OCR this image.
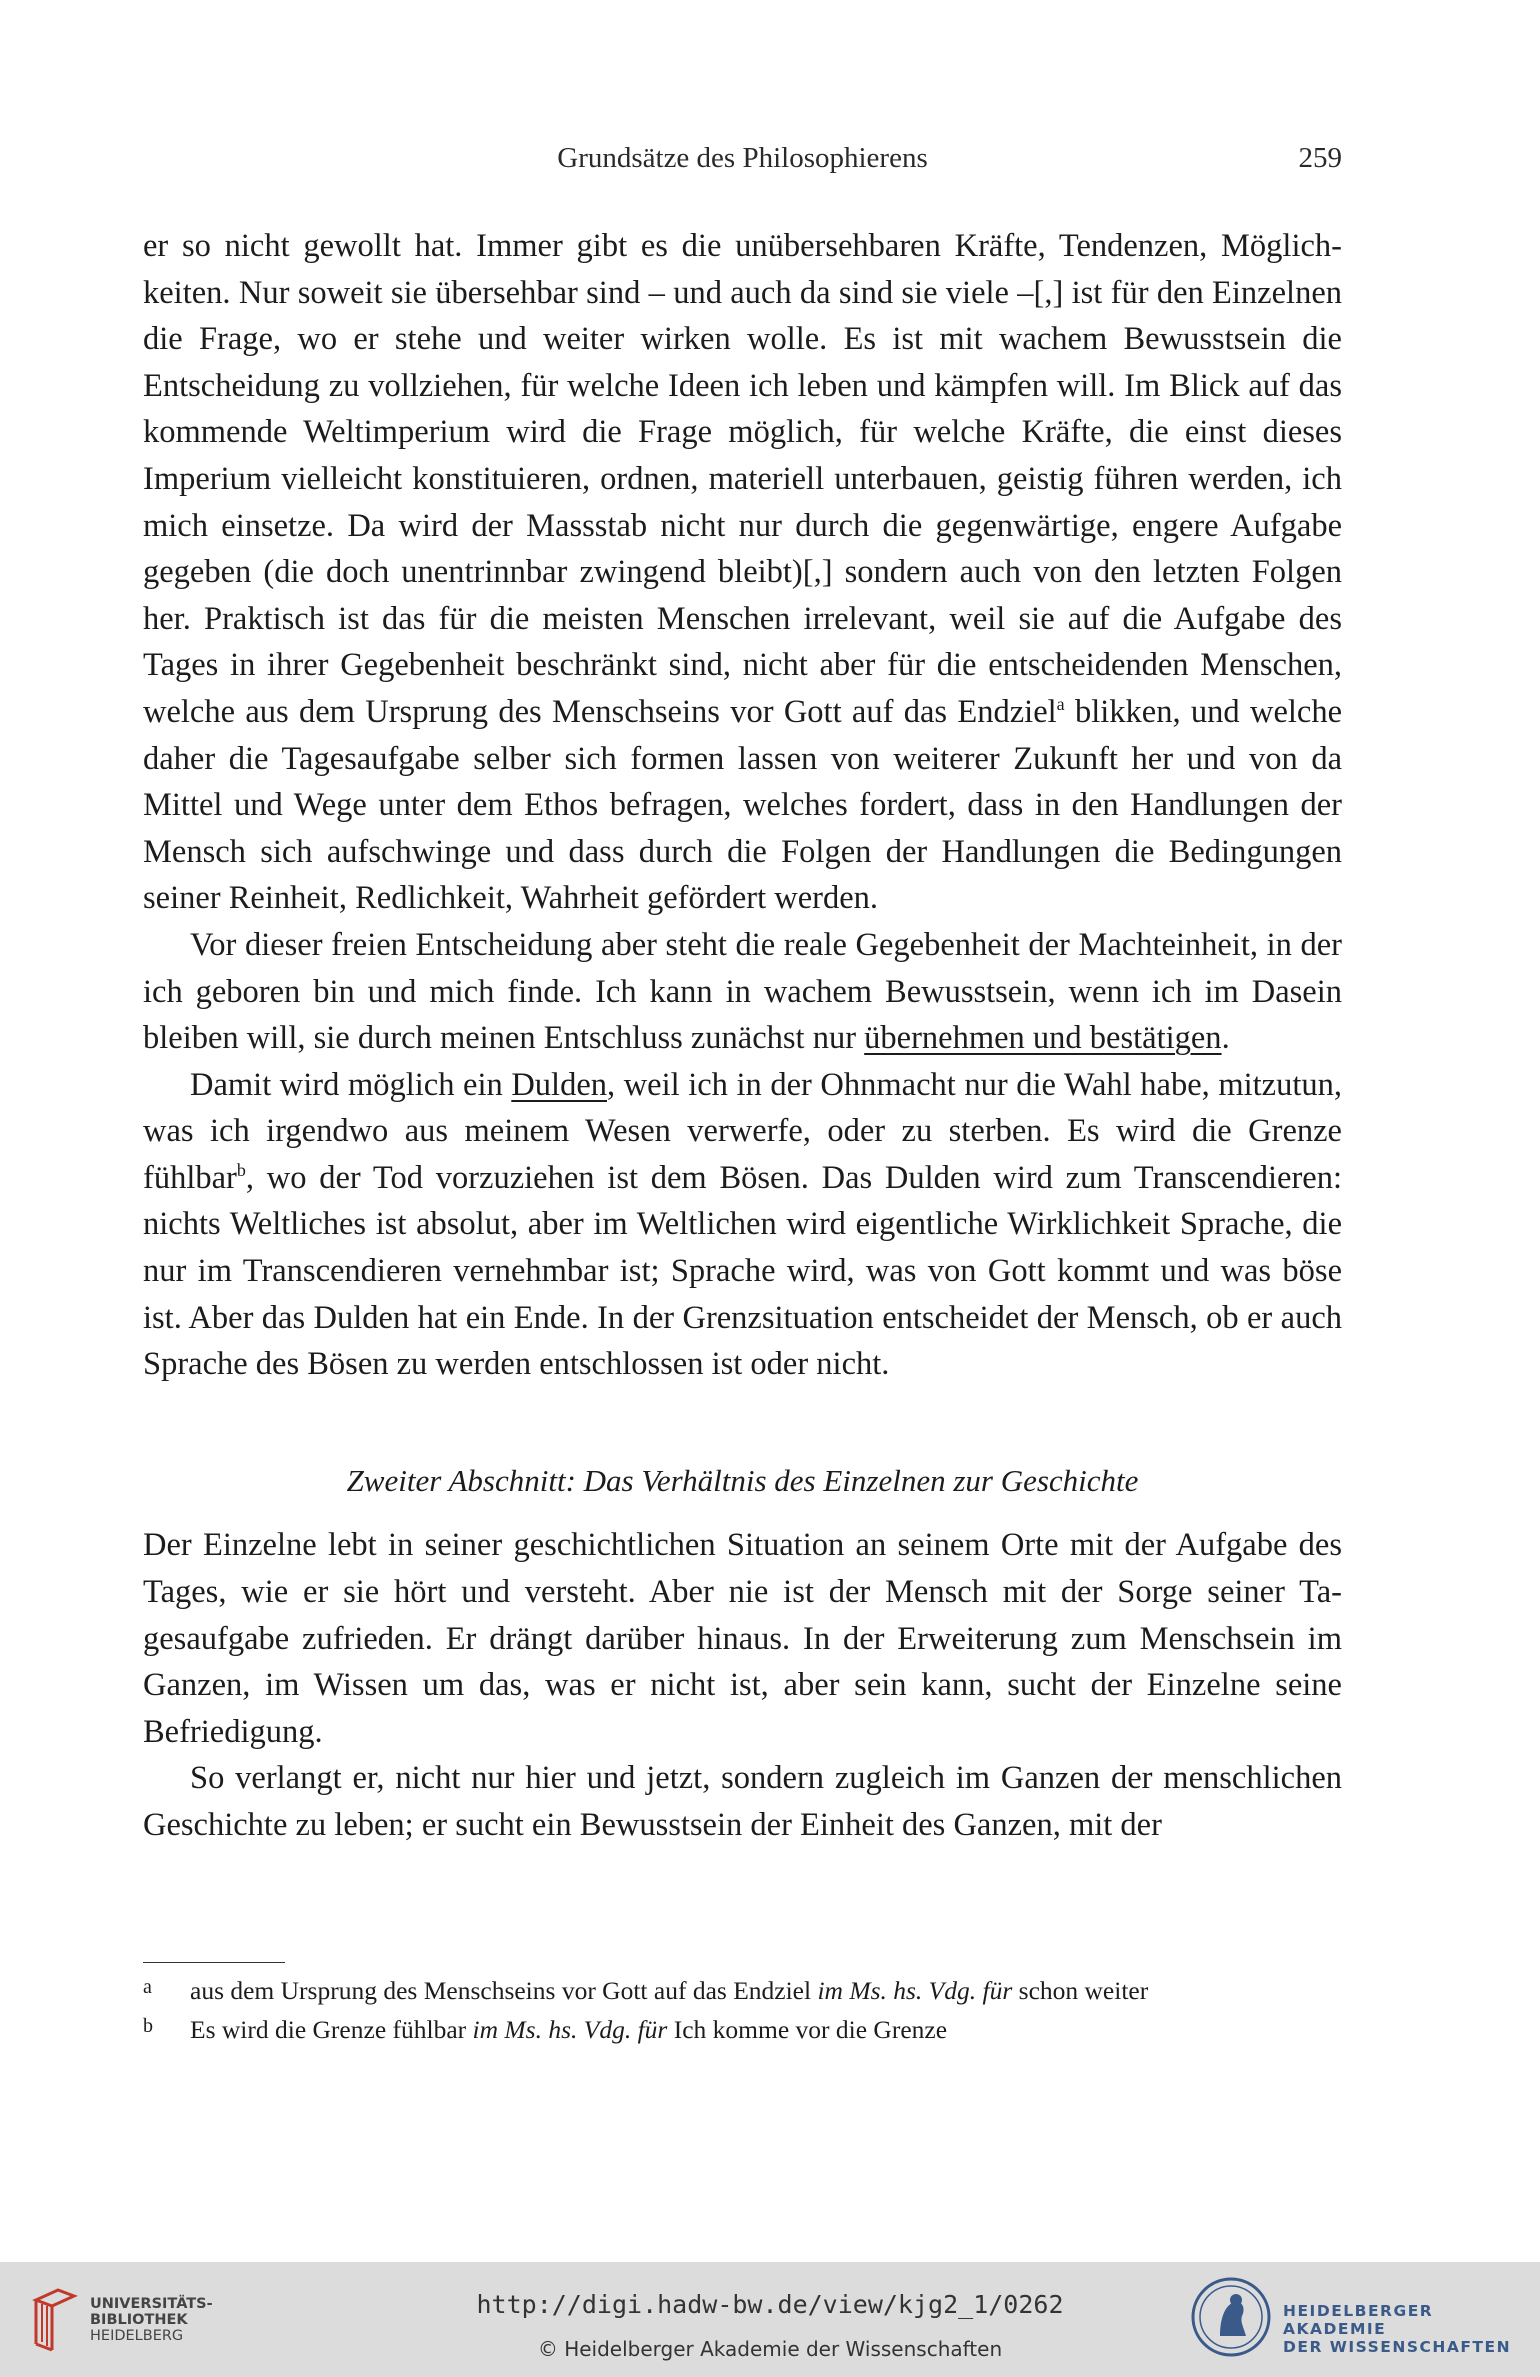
Grundsätze des Philosophierens	259

er so nicht gewollt hat. Immer gibt es die unübersehbaren Kräfte, Tendenzen, Möglichkeiten. Nur soweit sie übersehbar sind – und auch da sind sie viele –[,] ist für den Einzelnen die Frage, wo er stehe und weiter wirken wolle. Es ist mit wachem Bewusstsein die Entscheidung zu vollziehen, für welche Ideen ich leben und kämpfen will. Im Blick auf das kommende Weltimperium wird die Frage möglich, für welche Kräfte, die einst dieses Imperium vielleicht konstituieren, ordnen, materiell unterbauen, geistig führen werden, ich mich einsetze. Da wird der Massstab nicht nur durch die gegenwärtige, engere Aufgabe gegeben (die doch unentrinnbar zwingend bleibt)[,] sondern auch von den letzten Folgen her. Praktisch ist das für die meisten Menschen irrelevant, weil sie auf die Aufgabe des Tages in ihrer Gegebenheit beschränkt sind, nicht aber für die entscheidenden Menschen, welche aus dem Ursprung des Menschseins vor Gott auf das Endziel$^a$ blikken, und welche daher die Tagesaufgabe selber sich formen lassen von weiterer Zukunft her und von da Mittel und Wege unter dem Ethos befragen, welches fordert, dass in den Handlungen der Mensch sich aufschwinge und dass durch die Folgen der Handlungen die Bedingungen seiner Reinheit, Redlichkeit, Wahrheit gefördert werden.

Vor dieser freien Entscheidung aber steht die reale Gegebenheit der Machteinheit, in der ich geboren bin und mich finde. Ich kann in wachem Bewusstsein, wenn ich im Dasein bleiben will, sie durch meinen Entschluss zunächst nur übernehmen und bestätigen.

Damit wird möglich ein Dulden, weil ich in der Ohnmacht nur die Wahl habe, mitzutun, was ich irgendwo aus meinem Wesen verwerfe, oder zu sterben. Es wird die Grenze fühlbar$^b$, wo der Tod vorzuziehen ist dem Bösen. Das Dulden wird zum Transcendieren: nichts Weltliches ist absolut, aber im Weltlichen wird eigentliche Wirklichkeit Sprache, die nur im Transcendieren vernehmbar ist; Sprache wird, was von Gott kommt und was böse ist. Aber das Dulden hat ein Ende. In der Grenzsituation entscheidet der Mensch, ob er auch Sprache des Bösen zu werden entschlossen ist oder nicht.

Zweiter Abschnitt: Das Verhältnis des Einzelnen zur Geschichte

Der Einzelne lebt in seiner geschichtlichen Situation an seinem Orte mit der Aufgabe des Tages, wie er sie hört und versteht. Aber nie ist der Mensch mit der Sorge seiner Tagesaufgabe zufrieden. Er drängt darüber hinaus. In der Erweiterung zum Menschsein im Ganzen, im Wissen um das, was er nicht ist, aber sein kann, sucht der Einzelne seine Befriedigung.

So verlangt er, nicht nur hier und jetzt, sondern zugleich im Ganzen der menschlichen Geschichte zu leben; er sucht ein Bewusstsein der Einheit des Ganzen, mit der

a aus dem Ursprung des Menschseins vor Gott auf das Endziel im Ms. hs. Vdg. für schon weiter
b Es wird die Grenze fühlbar im Ms. hs. Vdg. für Ich komme vor die Grenze
UNIVERSITÄTS-
BIBLIOTHEK
HEIDELBERG
http://digi.hadw-bw.de/view/kjg2_1/0262
© Heidelberger Akademie der Wissenschaften
HEIDELBERGER AKADEMIE
DER WISSENSCHAFTEN
